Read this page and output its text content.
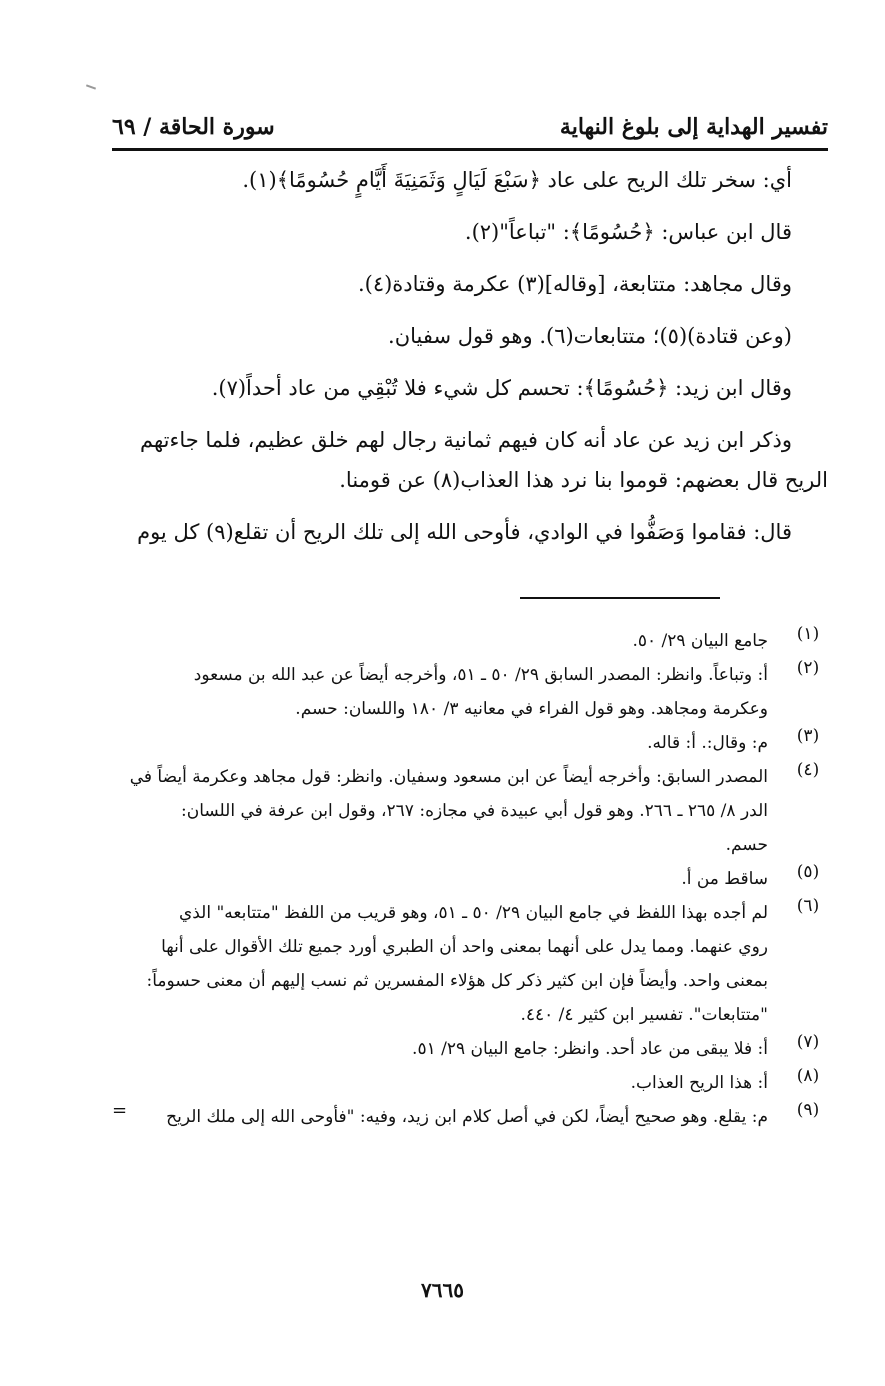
تفسير الهداية إلى بلوغ النهاية
سورة الحاقة / ٦٩
أي: سخر تلك الريح على عاد ﴿سَبْعَ لَيَالٍ وَثَمَنِيَةَ أَيَّامٍ حُسُومًا﴾(١).
قال ابن عباس: ﴿حُسُومًا﴾: "تباعاً"(٢).
وقال مجاهد: متتابعة، [وقاله](٣) عكرمة وقتادة(٤).
(وعن قتادة)(٥)؛ متتابعات(٦). وهو قول سفيان.
وقال ابن زيد: ﴿حُسُومًا﴾: تحسم كل شيء فلا تُبْقِي من عاد أحداً(٧).
وذكر ابن زيد عن عاد أنه كان فيهم ثمانية رجال لهم خلق عظيم، فلما جاءتهم
الريح قال بعضهم: قوموا بنا نرد هذا العذاب(٨) عن قومنا.
قال: فقاموا وَصَفُّوا في الوادي، فأوحى الله إلى تلك الريح أن تقلع(٩) كل يوم
(١)
جامع البيان ٢٩/ ٥٠.
(٢)
أ: وتباعاً. وانظر: المصدر السابق ٢٩/ ٥٠ ـ ٥١، وأخرجه أيضاً عن عبد الله بن مسعود
وعكرمة ومجاهد. وهو قول الفراء في معانيه ٣/ ١٨٠ واللسان: حسم.
(٣)
م: وقال:. أ: قاله.
(٤)
المصدر السابق: وأخرجه أيضاً عن ابن مسعود وسفيان. وانظر: قول مجاهد وعكرمة أيضاً في
الدر ٨/ ٢٦٥ ـ ٢٦٦. وهو قول أبي عبيدة في مجازه: ٢٦٧، وقول ابن عرفة في اللسان:
حسم.
(٥)
ساقط من أ.
(٦)
لم أجده بهذا اللفظ في جامع البيان ٢٩/ ٥٠ ـ ٥١، وهو قريب من اللفظ "متتابعه" الذي
روي عنهما. ومما يدل على أنهما بمعنى واحد أن الطبري أورد جميع تلك الأقوال على أنها
بمعنى واحد. وأيضاً فإن ابن كثير ذكر كل هؤلاء المفسرين ثم نسب إليهم أن معنى حسوماً:
"متتابعات". تفسير ابن كثير ٤/ ٤٤٠.
(٧)
أ: فلا يبقى من عاد أحد. وانظر: جامع البيان ٢٩/ ٥١.
(٨)
أ: هذا الريح العذاب.
(٩)
م: يقلع. وهو صحيح أيضاً، لكن في أصل كلام ابن زيد، وفيه: "فأوحى الله إلى ملك الريح
=
٧٦٦٥
